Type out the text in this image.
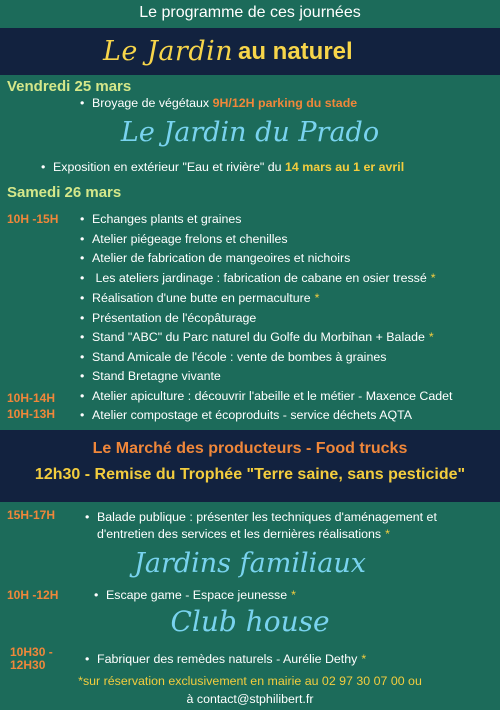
Le programme de ces journées
Le Jardin au naturel
Vendredi 25 mars
• Broyage de végétaux 9H/12H parking du stade
Le Jardin du Prado
• Exposition en extérieur "Eau et rivière" du 14 mars au 1 er avril
Samedi 26 mars
10H -15H	• Echanges plants et graines
• Atelier piégeage frelons et chenilles
• Atelier de fabrication de mangeoires et nichoirs
• Les ateliers jardinage : fabrication de cabane en osier tressé *
• Réalisation d'une butte en permaculture *
• Présentation de l'écopâturage
• Stand "ABC" du Parc naturel du Golfe du Morbihan + Balade *
• Stand Amicale de l'école : vente de bombes à graines
• Stand Bretagne vivante
10H-14H	• Atelier apiculture : découvrir l'abeille et le métier - Maxence Cadet
10H-13H	• Atelier compostage et écoproduits - service déchets AQTA
Le Marché des producteurs - Food trucks
12h30 - Remise du Trophée "Terre saine, sans pesticide"
15H-17H	• Balade publique : présenter les techniques d'aménagement et
d'entretien des services et les dernières réalisations *
Jardins familiaux
10H -12H	• Escape game - Espace jeunesse *
Club house
10H30 -
12H30	• Fabriquer des remèdes naturels - Aurélie Dethy *
*sur réservation exclusivement en mairie au 02 97 30 07 00 ou
à contact@stphilibert.fr
